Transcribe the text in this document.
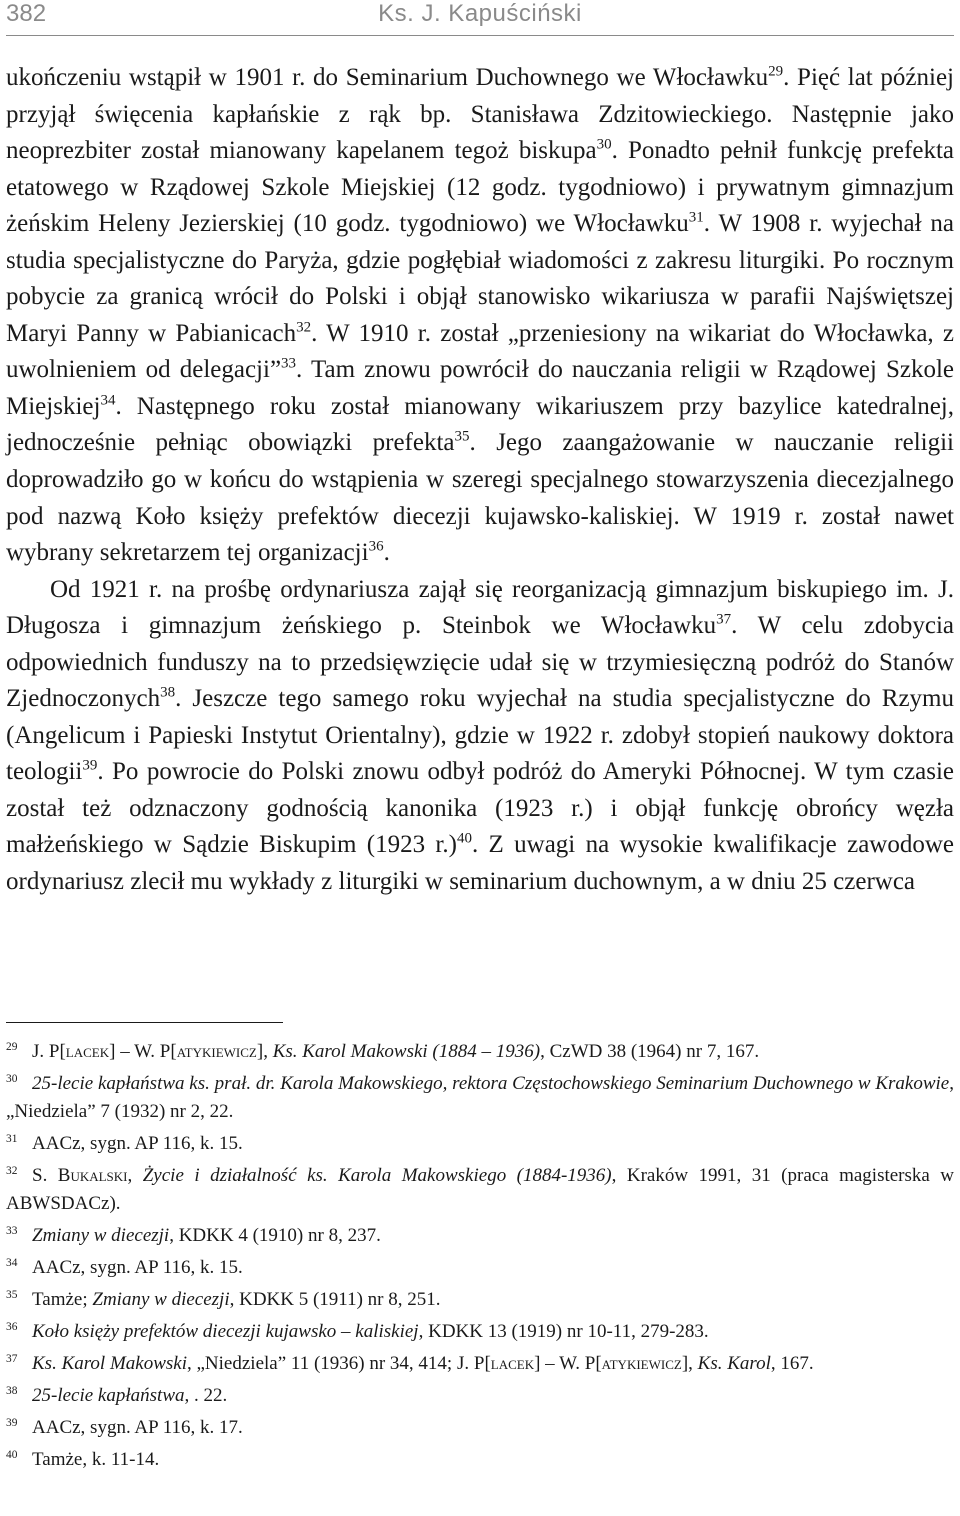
382	Ks. J. Kapuściński

ukończeniu wstąpił w 1901 r. do Seminarium Duchownego we Włocławku$^{29}$. Pięć lat później przyjął święcenia kapłańskie z rąk bp. Stanisława Zdzitowieckiego. Następnie jako neoprezbiter został mianowany kapelanem tegoż biskupa$^{30}$. Ponadto pełnił funkcję prefekta etatowego w Rządowej Szkole Miejskiej (12 godz. tygodniowo) i prywatnym gimnazjum żeńskim Heleny Jezierskiej (10 godz. tygodniowo) we Włocławku$^{31}$. W 1908 r. wyjechał na studia specjalistyczne do Paryża, gdzie pogłębiał wiadomości z zakresu liturgiki. Po rocznym pobycie za granicą wrócił do Polski i objął stanowisko wikariusza w parafii Najświętszej Maryi Panny w Pabianicach$^{32}$. W 1910 r. został „przeniesiony na wikariat do Włocławka, z uwolnieniem od delegacji”$^{33}$. Tam znowu powrócił do nauczania religii w Rządowej Szkole Miejskiej$^{34}$. Następnego roku został mianowany wikariuszem przy bazylice katedralnej, jednocześnie pełniąc obowiązki prefekta$^{35}$. Jego zaangażowanie w nauczanie religii doprowadziło go w końcu do wstąpienia w szeregi specjalnego stowarzyszenia diecezjalnego pod nazwą Koło księży prefektów diecezji kujawsko-kaliskiej. W 1919 r. został nawet wybrany sekretarzem tej organizacji$^{36}$.

Od 1921 r. na prośbę ordynariusza zajął się reorganizacją gimnazjum biskupiego im. J. Długosza i gimnazjum żeńskiego p. Steinbok we Włocławku$^{37}$. W celu zdobycia odpowiednich funduszy na to przedsięwzięcie udał się w trzymiesięczną podróż do Stanów Zjednoczonych$^{38}$. Jeszcze tego samego roku wyjechał na studia specjalistyczne do Rzymu (Angelicum i Papieski Instytut Orientalny), gdzie w 1922 r. zdobył stopień naukowy doktora teologii$^{39}$. Po powrocie do Polski znowu odbył podróż do Ameryki Północnej. W tym czasie został też odznaczony godnością kanonika (1923 r.) i objął funkcję obrońcy węzła małżeńskiego w Sądzie Biskupim (1923 r.)$^{40}$. Z uwagi na wysokie kwalifikacje zawodowe ordynariusz zlecił mu wykłady z liturgiki w seminarium duchownym, a w dniu 25 czerwca

29 J. P[lacek] – W. P[atykiewicz], Ks. Karol Makowski (1884 – 1936), CzWD 38 (1964) nr 7, 167.

30 25-lecie kapłaństwa ks. prał. dr. Karola Makowskiego, rektora Częstochowskiego Seminarium Duchownego w Krakowie, „Niedziela” 7 (1932) nr 2, 22.

31 AACz, sygn. AP 116, k. 15.

32 S. Bukalski, Życie i działalność ks. Karola Makowskiego (1884-1936), Kraków 1991, 31 (praca magisterska w ABWSDACz).

33 Zmiany w diecezji, KDKK 4 (1910) nr 8, 237.

34 AACz, sygn. AP 116, k. 15.

35 Tamże; Zmiany w diecezji, KDKK 5 (1911) nr 8, 251.

36 Koło księży prefektów diecezji kujawsko – kaliskiej, KDKK 13 (1919) nr 10-11, 279-283.

37 Ks. Karol Makowski, „Niedziela” 11 (1936) nr 34, 414; J. P[lacek] – W. P[atykiewicz], Ks. Karol, 167.

38 25-lecie kapłaństwa, . 22.

39 AACz, sygn. AP 116, k. 17.

40 Tamże, k. 11-14.
